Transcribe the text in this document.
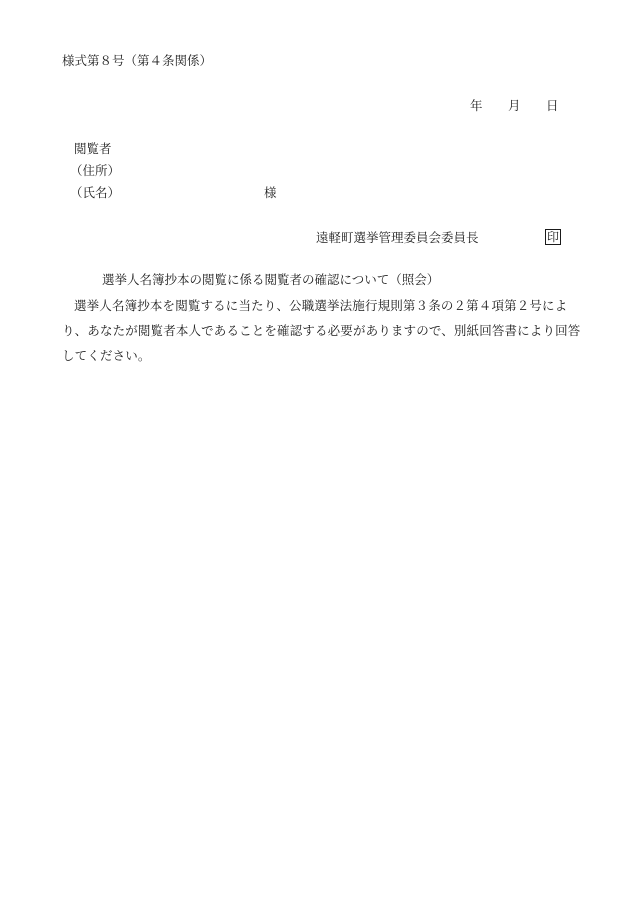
様式第８号（第４条関係）
年 月 日
閲覧者
（住所）
（氏名）	様
遠軽町選挙管理委員会委員長	印
選挙人名簿抄本の閲覧に係る閲覧者の確認について（照会）
選挙人名簿抄本を閲覧するに当たり、公職選挙法施行規則第３条の２第４項第２号により、あなたが閲覧者本人であることを確認する必要がありますので、別紙回答書により回答してください。
